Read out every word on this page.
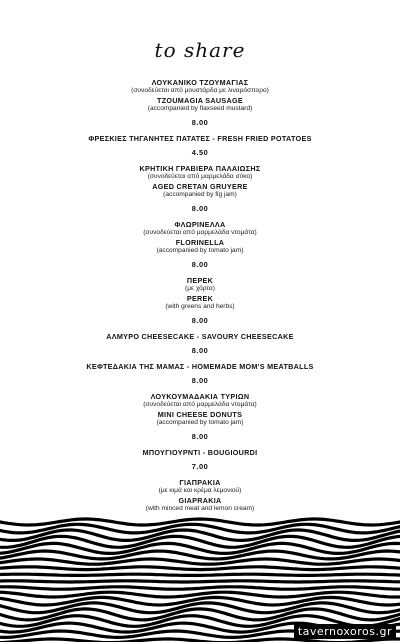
to share
ΛΟΥΚΑΝΙΚΟ ΤΖΟΥΜΑΓΙΑΣ
(συνοδεύεται από μουστάρδα με λιναρόσπορο)
TZOUMAGIA SAUSAGE
(accompanied by flaxseed mustard)
8.00
ΦΡΕΣΚΙΕΣ ΤΗΓΑΝΗΤΕΣ ΠΑΤΑΤΕΣ - FRESH FRIED POTATOES
4.50
ΚΡΗΤΙΚΗ ΓΡΑΒΙΕΡΑ ΠΑΛΑΙΩΣΗΣ
(συνοδεύεται από μαρμελάδα σύκο)
AGED CRETAN GRUYERE
(accompanied by fig jam)
8.00
ΦΛΩΡΙΝΕΛΛΑ
(συνοδεύεται από μαρμελάδα ντομάτα)
FLORINELLA
(accompanied by tomato jam)
8.00
ΠΕΡΕΚ
(με χόρτα)
PEREK
(with greens and herbs)
8.00
ΑΛΜΥΡΟ CHEESECAKE - SAVOURY CHEESECAKE
8.00
ΚΕΦΤΕΔΑΚΙΑ ΤΗΣ ΜΑΜΑΣ - HOMEMADE MOM'S MEATBALLS
8.00
ΛΟΥΚΟΥΜΑΔΑΚΙΑ ΤΥΡΙΩΝ
(συνοδεύεται από μαρμελάδα ντομάτα)
MINI CHEESE DONUTS
(accompanied by tomato jam)
8.00
ΜΠΟΥΓΙΟΥΡΝΤΙ - BOUGIOURDI
7.00
ΓΙΑΠΡΑΚΙΑ
(με κιμά και κρέμα λεμονιού)
GIAPRAKIA
(with minced meat and lemon cream)
tavernoxoros.gr
